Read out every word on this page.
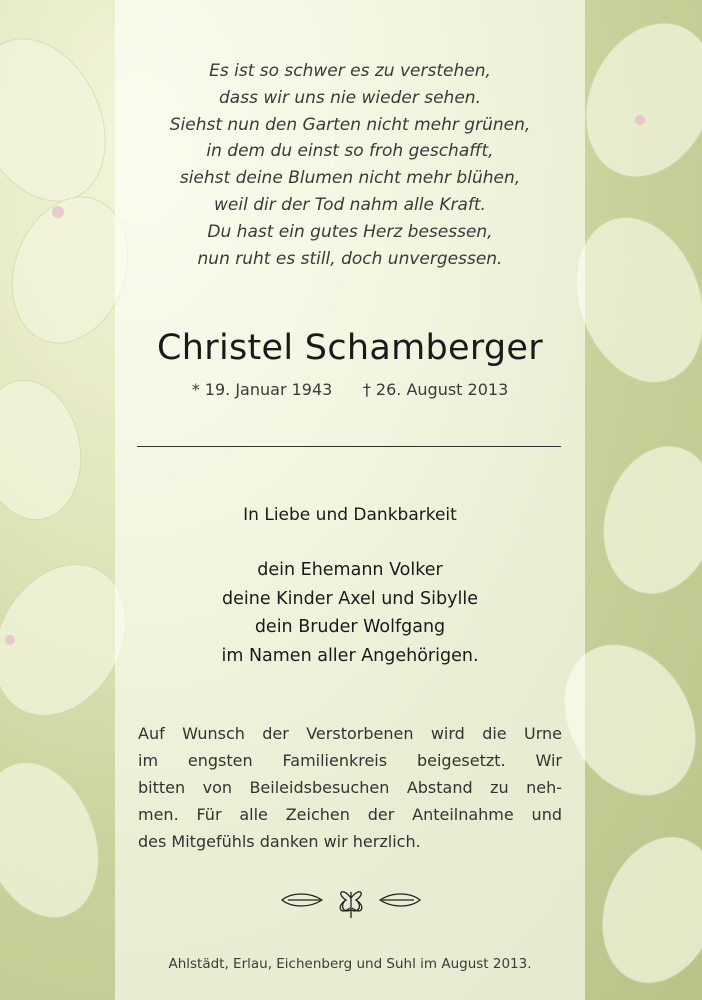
Es ist so schwer es zu verstehen,
dass wir uns nie wieder sehen.
Siehst nun den Garten nicht mehr grünen,
in dem du einst so froh geschafft,
siehst deine Blumen nicht mehr blühen,
weil dir der Tod nahm alle Kraft.
Du hast ein gutes Herz besessen,
nun ruht es still, doch unvergessen.
Christel Schamberger
* 19. Januar 1943 † 26. August 2013
In Liebe und Dankbarkeit
dein Ehemann Volker
deine Kinder Axel und Sibylle
dein Bruder Wolfgang
im Namen aller Angehörigen.
Auf Wunsch der Verstorbenen wird die Urne
im engsten Familienkreis beigesetzt. Wir
bitten von Beileidsbesuchen Abstand zu neh-
men. Für alle Zeichen der Anteilnahme und
des Mitgefühls danken wir herzlich.
Ahlstädt, Erlau, Eichenberg und Suhl im August 2013.
